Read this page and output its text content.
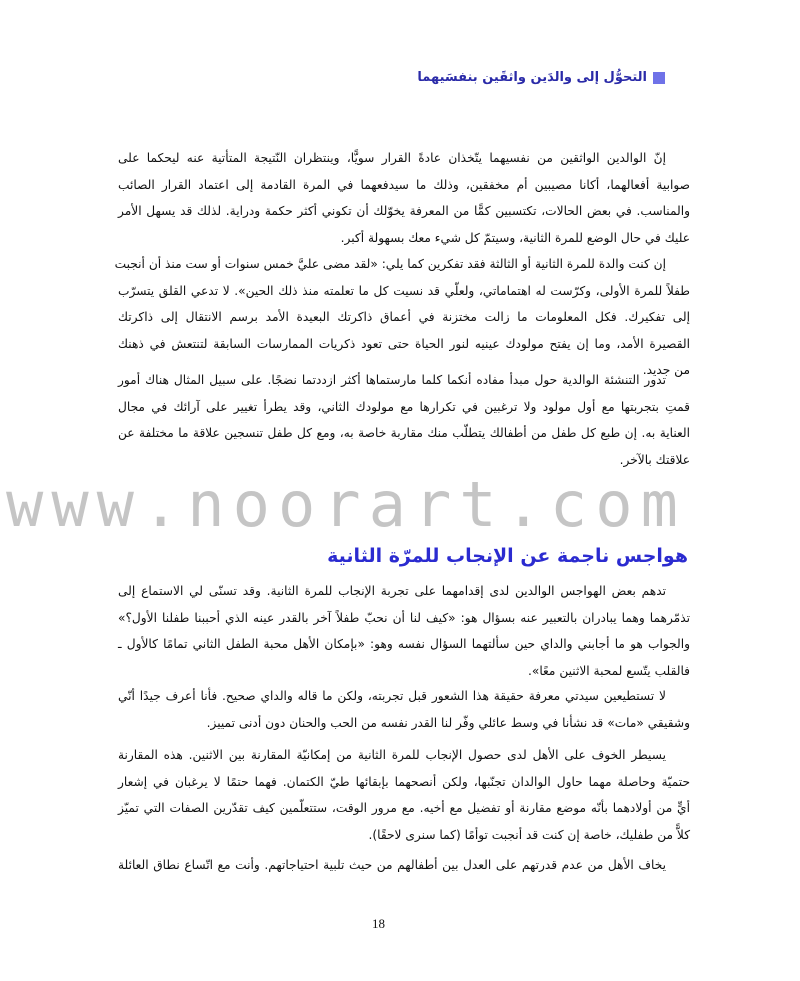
التحوُّل إلى والدَين واثقَين بنفسَيهما
www.noorart.com
إنّ الوالدين الواثقين من نفسيهما يتّخذان عادةً القرار سويًّا، وينتظران النّتيجة المتأتية عنه ليحكما على
صوابية أفعالهما، أكانا مصيبين أم مخفقين، وذلك ما سيدفعهما في المرة القادمة إلى اعتماد القرار الصائب
والمناسب. في بعض الحالات، تكتسبين كمًّا من المعرفة يخوّلك أن تكوني أكثر حكمة ودراية. لذلك قد يسهل الأمر
عليك في حال الوضع للمرة الثانية، وسيتمّ كل شيء معك بسهولة أكبر.
إن كنت والدة للمرة الثانية أو الثالثة فقد تفكرين كما يلي: «لقد مضى عليَّ خمس سنوات أو ست منذ أن أنجبت
طفلاً للمرة الأولى، وكرّست له اهتماماتي، ولعلّي قد نسيت كل ما تعلمته منذ ذلك الحين». لا تدعي القلق يتسرّب
إلى تفكيرك. فكل المعلومات ما زالت مختزنة في أعماق ذاكرتك البعيدة الأمد برسم الانتقال إلى ذاكرتك
القصيرة الأمد، وما إن يفتح مولودك عينيه لنور الحياة حتى تعود ذكريات الممارسات السابقة لتنتعش في ذهنك
من جديد.
تدور التنشئة الوالدية حول مبدأ مفاده أنكما كلما مارستماها أكثر ازددتما نضجًا. على سبيل المثال هناك أمور
قمتِ بتجربتها مع أول مولود ولا ترغبين في تكرارها مع مولودك الثاني، وقد يطرأ تغيير على آرائك في مجال
العناية به. إن طبع كل طفل من أطفالك يتطلّب منك مقاربة خاصة به، ومع كل طفل تنسجين علاقة ما مختلفة عن
علاقتك بالآخر.
تدهم بعض الهواجس الوالدين لدى إقدامهما على تجربة الإنجاب للمرة الثانية. وقد تسنّى لي الاستماع إلى
تذمّرهما وهما يبادران بالتعبير عنه بسؤال هو: «كيف لنا أن نحبّ طفلاً آخر بالقدر عينه الذي أحببنا طفلنا الأول؟»
والجواب هو ما أجابني والداي حين سألتهما السؤال نفسه وهو: «بإمكان الأهل محبة الطفل الثاني تمامًا كالأول ـ
فالقلب يتّسع لمحبة الاثنين معًا».
لا تستطيعين سيدتي معرفة حقيقة هذا الشعور قبل تجربته، ولكن ما قاله والداي صحيح. فأنا أعرف جيدًا أنّي
وشقيقي «مات» قد نشأنا في وسط عائلي وفّر لنا القدر نفسه من الحب والحنان دون أدنى تمييز.
يسيطر الخوف على الأهل لدى حصول الإنجاب للمرة الثانية من إمكانيّة المقارنة بين الاثنين. هذه المقارنة
حتميّة وحاصلة مهما حاول الوالدان تجنّبها، ولكن أنصحهما بإبقائها طيّ الكتمان. فهما حتمًا لا يرغبان في إشعار
أيٍّ من أولادهما بأنّه موضع مقارنة أو تفضيل مع أخيه. مع مرور الوقت، ستتعلّمين كيف تقدّرين الصفات التي تميّز
كلاًّ من طفليك، خاصة إن كنت قد أنجبت توأمًا (كما سنرى لاحقًا).
يخاف الأهل من عدم قدرتهم على العدل بين أطفالهم من حيث تلبية احتياجاتهم. وأنت مع اتّساع نطاق العائلة
هواجس ناجمة عن الإنجاب للمرّة الثانية
18
